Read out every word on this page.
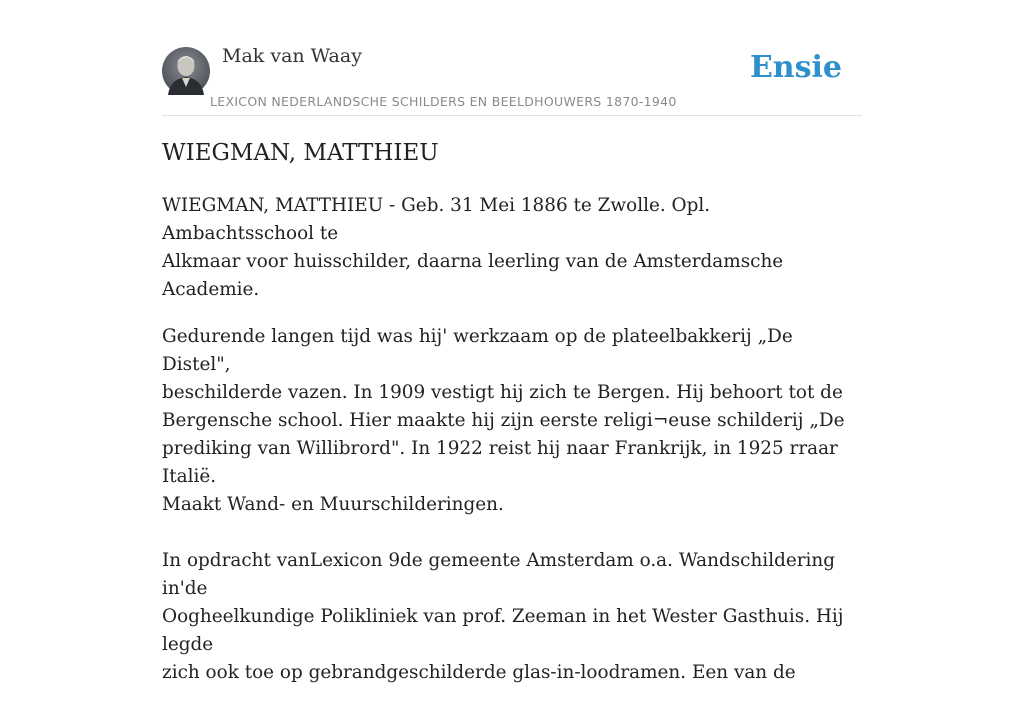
Mak van Waay
LEXICON NEDERLANDSCHE SCHILDERS EN BEELDHOUWERS 1870-1940
Ensie
WIEGMAN, MATTHIEU

WIEGMAN, MATTHIEU - Geb. 31 Mei 1886 te Zwolle. Opl. Ambachtsschool te
Alkmaar voor huisschilder, daarna leerling van de Amsterdamsche Academie.

Gedurende langen tijd was hij' werkzaam op de plateelbakkerij „De Distel",
beschilderde vazen. In 1909 vestigt hij zich te Bergen. Hij behoort tot de
Bergensche school. Hier maakte hij zijn eerste religi¬euse schilderij „De
prediking van Willibrord". In 1922 reist hij naar Frankrijk, in 1925 rraar Italië.
Maakt Wand- en Muurschilderingen.

In opdracht vanLexicon 9de gemeente Amsterdam o.a. Wandschildering in'de
Oogheelkundige Polikliniek van prof. Zeeman in het Wester Gasthuis. Hij legde
zich ook toe op gebrandgeschilderde glas-in-loodramen. Een van de
